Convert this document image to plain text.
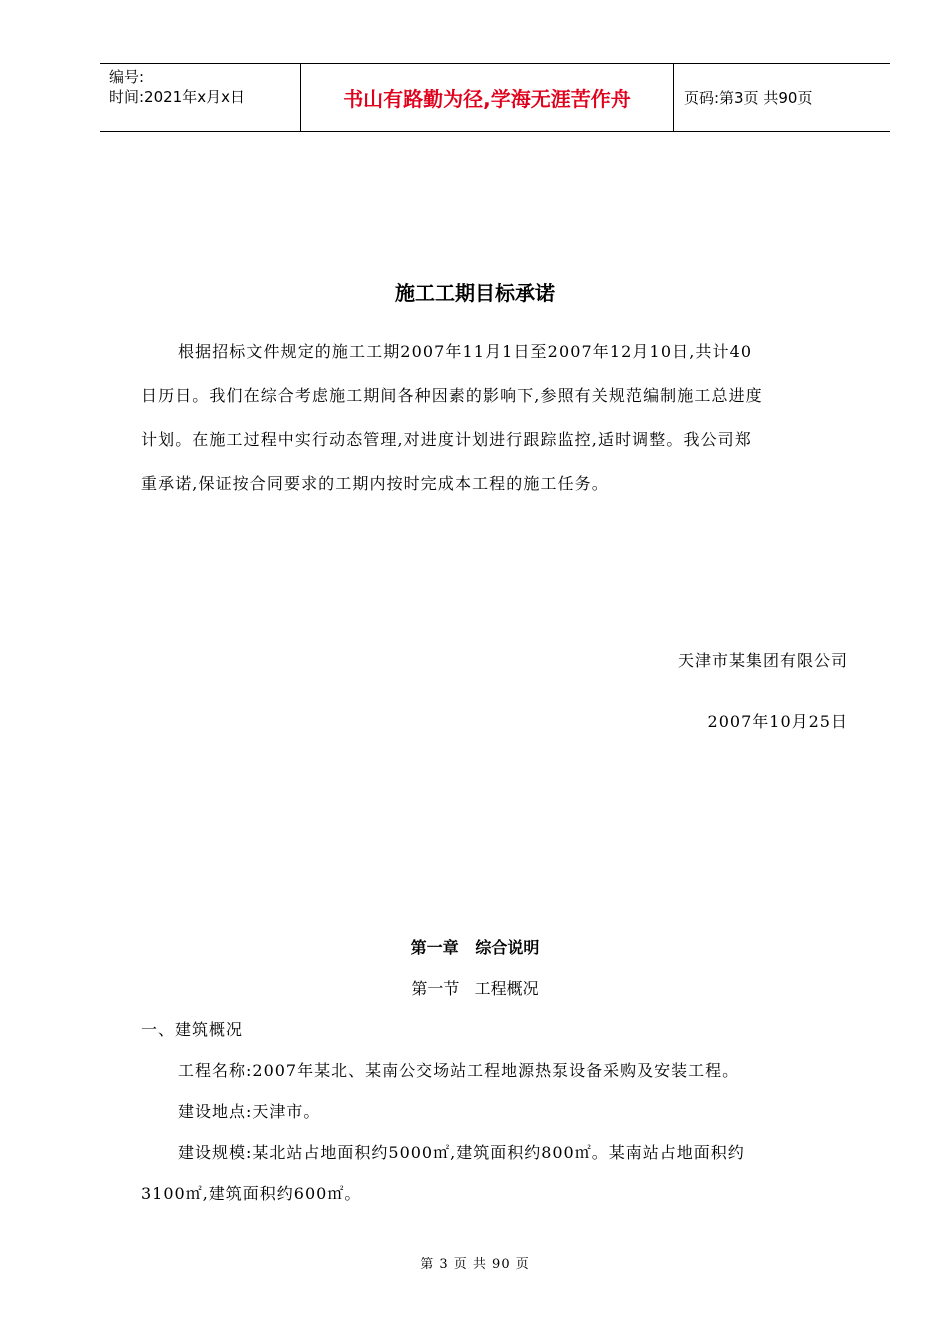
编号:
时间:2021年x月x日	书山有路勤为径,学海无涯苦作舟	页码:第3页 共90页
施工工期目标承诺

根据招标文件规定的施工工期2007年11月1日至2007年12月10日,共计40

日历日。我们在综合考虑施工期间各种因素的影响下,参照有关规范编制施工总进度

计划。在施工过程中实行动态管理,对进度计划进行跟踪监控,适时调整。我公司郑

重承诺,保证按合同要求的工期内按时完成本工程的施工任务。

天津市某集团有限公司
2007年10月25日
第一章   综合说明
第一节   工程概况
一、建筑概况
工程名称:2007年某北、某南公交场站工程地源热泵设备采购及安装工程。
建设地点:天津市。
建设规模:某北站占地面积约5000㎡,建筑面积约800㎡。某南站占地面积约
3100㎡,建筑面积约600㎡。
第 3 页 共 90 页
